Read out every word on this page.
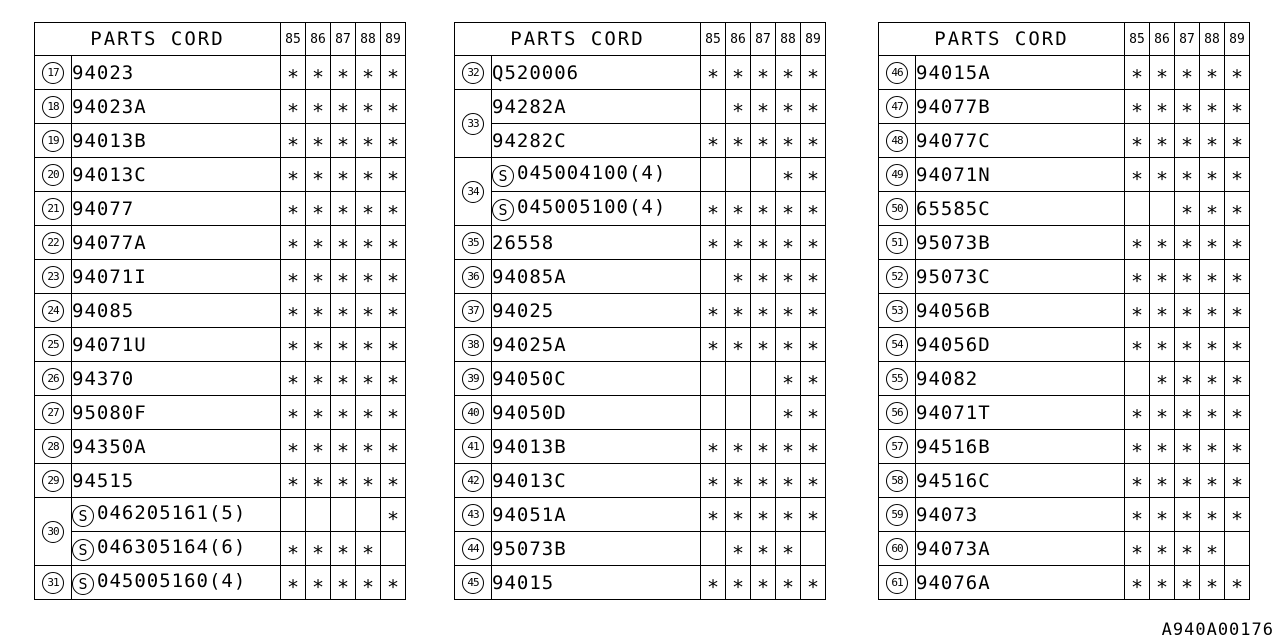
PARTS CORD		85	86	87	88	89

17	94023	∗	∗	∗	∗	∗
18	94023A	∗	∗	∗	∗	∗
19	94013B	∗	∗	∗	∗	∗
20	94013C	∗	∗	∗	∗	∗
21	94077	∗	∗	∗	∗	∗
22	94077A	∗	∗	∗	∗	∗
23	94071I	∗	∗	∗	∗	∗
24	94085	∗	∗	∗	∗	∗
25	94071U	∗	∗	∗	∗	∗
26	94370	∗	∗	∗	∗	∗
27	95080F	∗	∗	∗	∗	∗
28	94350A	∗	∗	∗	∗	∗
29	94515	∗	∗	∗	∗	∗
30	S 046205161(5)					∗
	S 046305164(6)	∗	∗	∗	∗	
31	S 045005160(4)	∗	∗	∗	∗	∗
PARTS CORD		85	86	87	88	89

32	Q520006	∗	∗	∗	∗	∗
33	94282A		∗	∗	∗	∗
	94282C	∗	∗	∗	∗	∗
34	S 045004100(4)				∗	∗
	S 045005100(4)	∗	∗	∗	∗	∗
35	26558	∗	∗	∗	∗	∗
36	94085A		∗	∗	∗	∗
37	94025	∗	∗	∗	∗	∗
38	94025A	∗	∗	∗	∗	∗
39	94050C				∗	∗
40	94050D				∗	∗
41	94013B	∗	∗	∗	∗	∗
42	94013C	∗	∗	∗	∗	∗
43	94051A	∗	∗	∗	∗	∗
44	95073B		∗	∗	∗	
45	94015	∗	∗	∗	∗	∗
PARTS CORD		85	86	87	88	89

46	94015A	∗	∗	∗	∗	∗
47	94077B	∗	∗	∗	∗	∗
48	94077C	∗	∗	∗	∗	∗
49	94071N	∗	∗	∗	∗	∗
50	65585C			∗	∗	∗
51	95073B	∗	∗	∗	∗	∗
52	95073C	∗	∗	∗	∗	∗
53	94056B	∗	∗	∗	∗	∗
54	94056D	∗	∗	∗	∗	∗
55	94082		∗	∗	∗	∗
56	94071T	∗	∗	∗	∗	∗
57	94516B	∗	∗	∗	∗	∗
58	94516C	∗	∗	∗	∗	∗
59	94073	∗	∗	∗	∗	∗
60	94073A	∗	∗	∗	∗	
61	94076A	∗	∗	∗	∗	∗
A940A00176
